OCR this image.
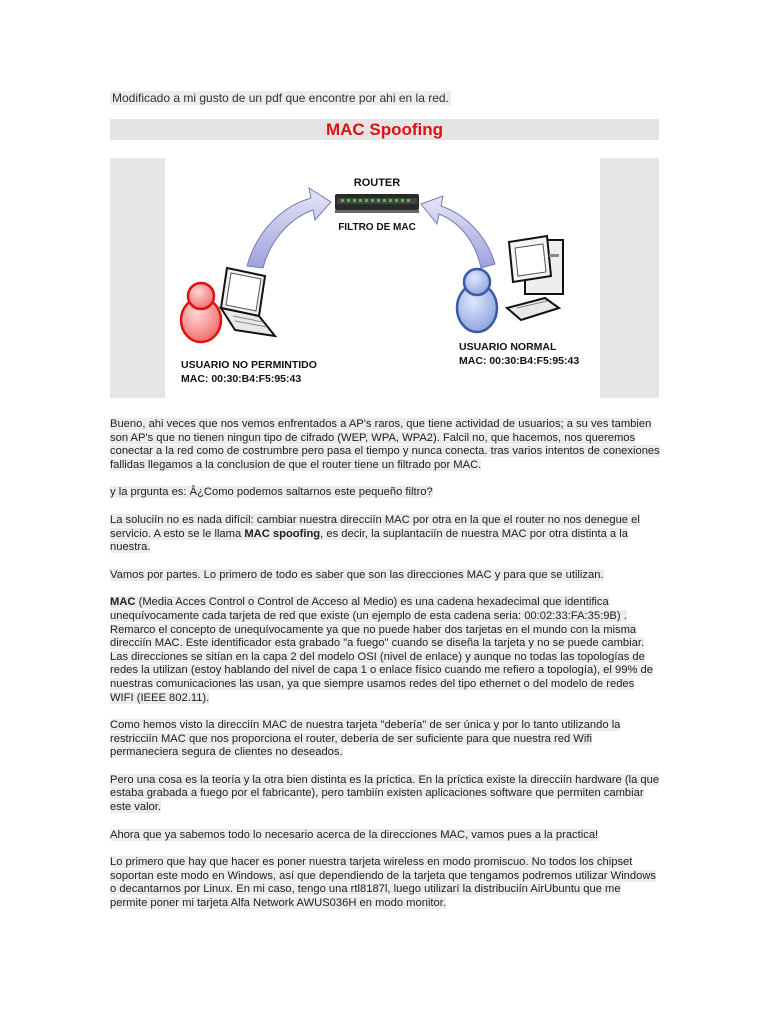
Modificado a mi gusto de un pdf que encontre por ahi en la red.
MAC Spoofing
ROUTER
FILTRO DE MAC
USUARIO NO PERMINTIDO
MAC: 00:30:B4:F5:95:43
USUARIO NORMAL
MAC: 00:30:B4:F5:95:43

Bueno, ahi veces que nos vemos enfrentados a AP's raros, que tiene actividad de usuarios; a su ves tambien son AP's que no tienen ningun tipo de cifrado (WEP, WPA, WPA2). Falcil no, que hacemos, nos queremos conectar a la red como de costrumbre pero pasa el tiempo y nunca conecta. tras varios intentos de conexiones fallidas llegamos a la conclusion de que el router tiene un filtrado por MAC.

y la prgunta es: Â¿Como podemos saltarnos este pequeño filtro?

La soluciín no es nada difícil: cambiar nuestra direcciín MAC por otra en la que el router no nos denegue el
servicio. A esto se le llama MAC spoofing, es decir, la suplantaciín de nuestra MAC por otra distinta a la nuestra.

Vamos por partes. Lo primero de todo es saber que son las direcciones MAC y para que se utilizan.

MAC (Media Acces Control o Control de Acceso al Medio) es una cadena hexadecimal que identifica unequívocamente cada tarjeta de red que existe (un ejemplo de esta cadena seria: 00:02:33:FA:35:9B) . Remarco el concepto de unequívocamente ya que no puede haber dos tarjetas en el mundo con la misma
direcciín MAC. Este identificador esta grabado "a fuego" cuando se diseña la tarjeta y no se puede cambiar. Las direcciones se sitían en la capa 2 del modelo OSI (nivel de enlace) y aunque no todas las topologías de redes la utilizan (estoy hablando del nivel de capa 1 o enlace físico cuando me refiero a topología), el 99% de nuestras comunicaciones las usan, ya que siempre usamos redes del tipo ethernet o del modelo de redes WIFI (IEEE 802.11).

Como hemos visto la direcciín MAC de nuestra tarjeta "debería" de ser única y por lo tanto utilizando la restricciín MAC que nos proporciona el router, debería de ser suficiente para que nuestra red Wifi permaneciera segura de clientes no deseados.

Pero una cosa es la teoría y la otra bien distinta es la príctica. En la príctica existe la direcciín hardware (la que estaba grabada a fuego por el fabricante), pero tambiín existen aplicaciones software que permiten cambiar
este valor.

Ahora que ya sabemos todo lo necesario acerca de la direcciones MAC, vamos pues a la practica!

Lo primero que hay que hacer es poner nuestra tarjeta wireless en modo promiscuo. No todos los chipset soportan este modo en Windows, así que dependiendo de la tarjeta que tengamos podremos utilizar Windows o decantarnos por Linux. En mi caso, tengo una rtl8187l, luego utilizarí la distribuciín AirUbuntu que me permite poner mi tarjeta Alfa Network AWUS036H en modo monitor.
